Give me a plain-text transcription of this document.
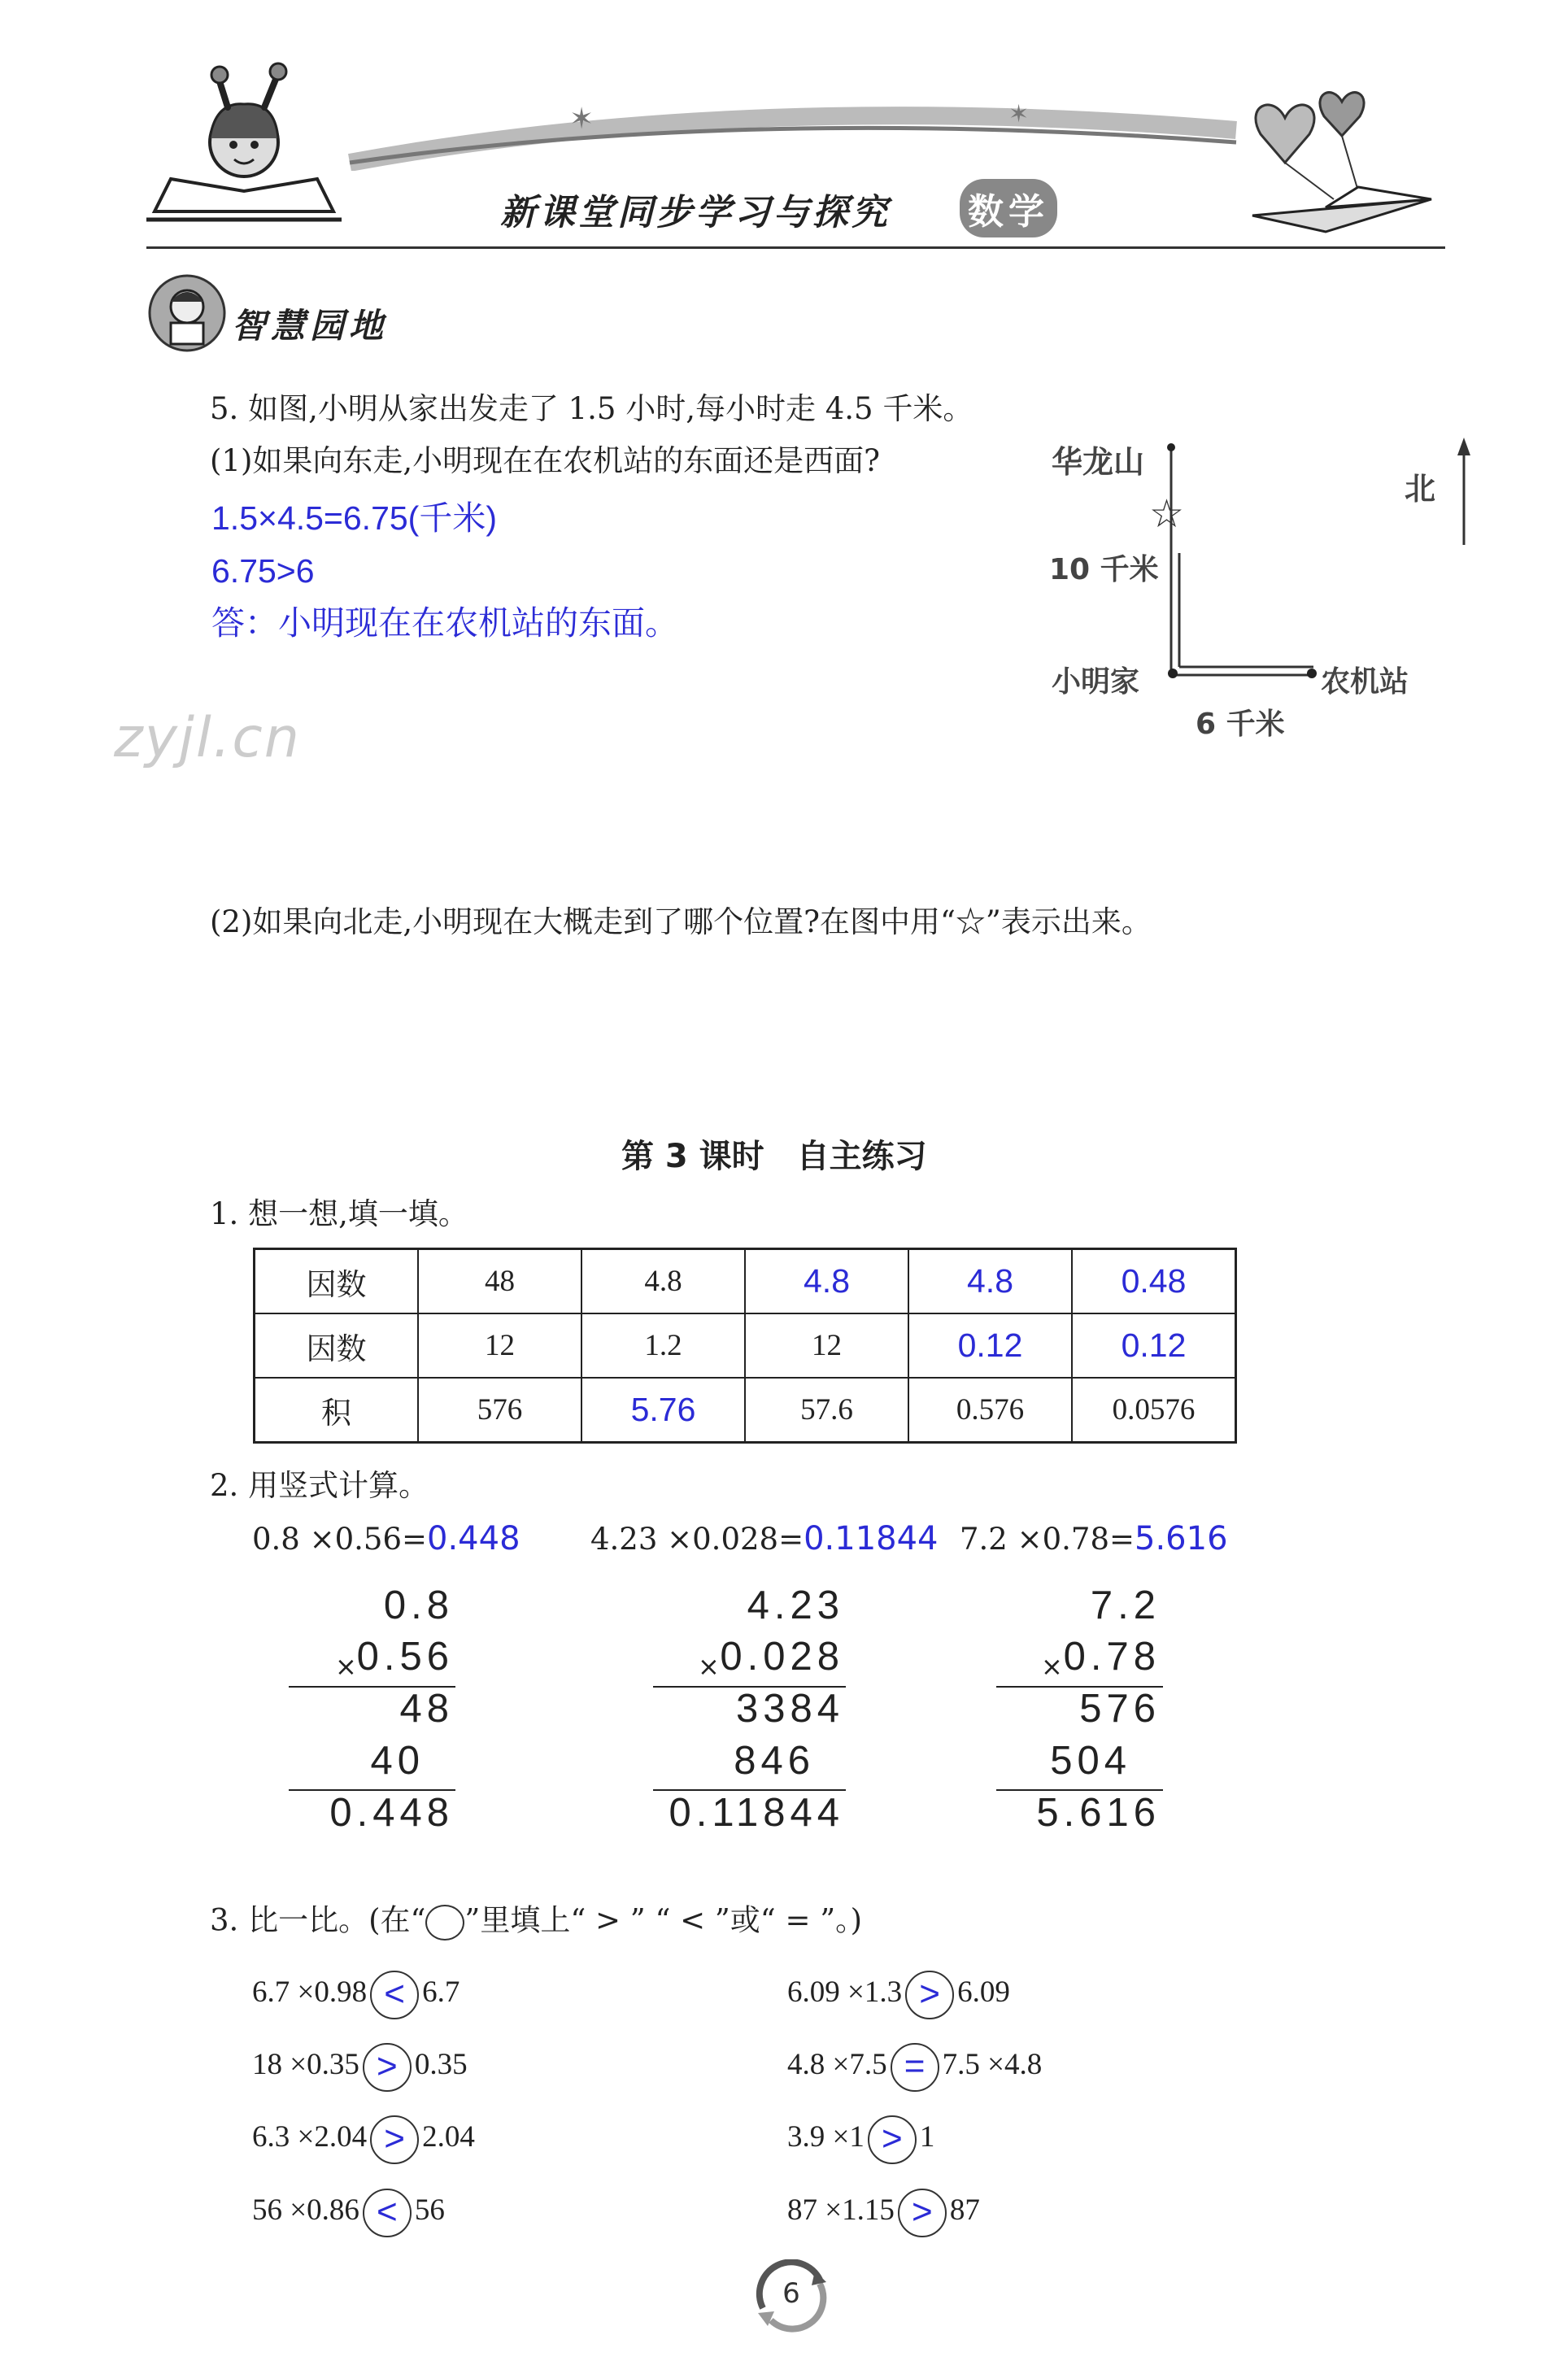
✶	✶
新课堂同步学习与探究 数学
智慧园地
5. 如图,小明从家出发走了 1.5 小时,每小时走 4.5 千米。
(1)如果向东走,小明现在在农机站的东面还是西面?
1.5×4.5=6.75(千米)
6.75>6
答：小明现在在农机站的东面。
华龙山
北
☆
10 千米
小明家	农机站
6 千米
zyjl.cn
(2)如果向北走,小明现在大概走到了哪个位置?在图中用“☆”表示出来。
第 3 课时　自主练习
1. 想一想,填一填。
因数	48	4.8	4.8	4.8	0.48
因数	12	1.2	12	0.12	0.12
积	576	5.76	57.6	0.576	0.0576
2. 用竖式计算。
0.8 ×0.56=0.448
0.8
0.56
×
48
40
0.448
4.23 ×0.028=0.11844
4.23
0.028
×
3384
846
0.11844
7.2 ×0.78=5.616
7.2
0.78
×
576
504
5.616
3. 比一比。(在“ ”里填上“ > ” “ < ”或“ = ”。)
6.7 ×0.98 < 6.7	6.09 ×1.3 > 6.09
18 ×0.35 > 0.35	4.8 ×7.5 = 7.5 ×4.8
6.3 ×2.04 > 2.04	3.9 ×1 > 1
56 ×0.86 < 56	87 ×1.15 > 87
6
